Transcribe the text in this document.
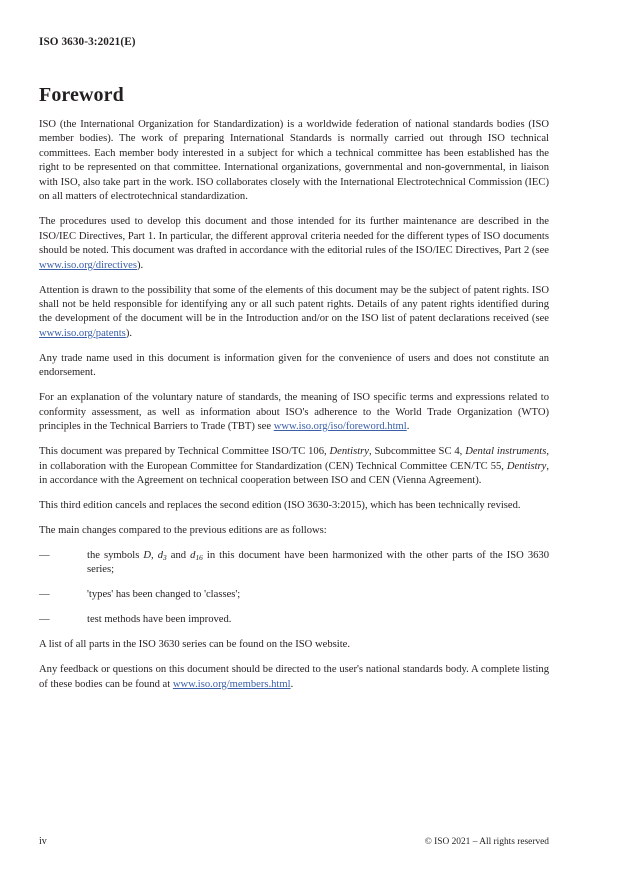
ISO 3630-3:2021(E)
Foreword

ISO (the International Organization for Standardization) is a worldwide federation of national standards bodies (ISO member bodies). The work of preparing International Standards is normally carried out through ISO technical committees. Each member body interested in a subject for which a technical committee has been established has the right to be represented on that committee. International organizations, governmental and non-governmental, in liaison with ISO, also take part in the work. ISO collaborates closely with the International Electrotechnical Commission (IEC) on all matters of electrotechnical standardization.

The procedures used to develop this document and those intended for its further maintenance are described in the ISO/IEC Directives, Part 1. In particular, the different approval criteria needed for the different types of ISO documents should be noted. This document was drafted in accordance with the editorial rules of the ISO/IEC Directives, Part 2 (see www.iso.org/directives).

Attention is drawn to the possibility that some of the elements of this document may be the subject of patent rights. ISO shall not be held responsible for identifying any or all such patent rights. Details of any patent rights identified during the development of the document will be in the Introduction and/or on the ISO list of patent declarations received (see www.iso.org/patents).

Any trade name used in this document is information given for the convenience of users and does not constitute an endorsement.

For an explanation of the voluntary nature of standards, the meaning of ISO specific terms and expressions related to conformity assessment, as well as information about ISO's adherence to the World Trade Organization (WTO) principles in the Technical Barriers to Trade (TBT) see www.iso.org/iso/foreword.html.

This document was prepared by Technical Committee ISO/TC 106, Dentistry, Subcommittee SC 4, Dental instruments, in collaboration with the European Committee for Standardization (CEN) Technical Committee CEN/TC 55, Dentistry, in accordance with the Agreement on technical cooperation between ISO and CEN (Vienna Agreement).

This third edition cancels and replaces the second edition (ISO 3630-3:2015), which has been technically revised.

The main changes compared to the previous editions are as follows:

—	the symbols D, $d_3$ and $d_{16}$ in this document have been harmonized with the other parts of the ISO 3630 series;
—	'types' has been changed to 'classes';
—	test methods have been improved.

A list of all parts in the ISO 3630 series can be found on the ISO website.

Any feedback or questions on this document should be directed to the user's national standards body. A complete listing of these bodies can be found at www.iso.org/members.html.

iv	© ISO 2021 – All rights reserved
